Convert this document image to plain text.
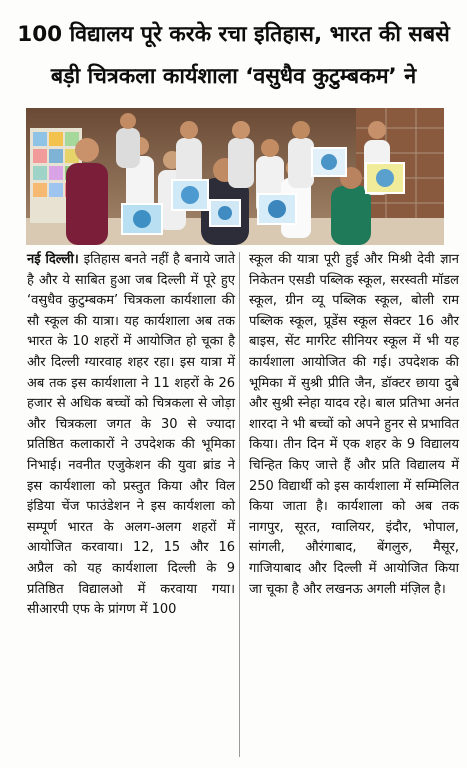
100 विद्यालय पूरे करके रचा इतिहास, भारत की सबसे बड़ी चित्रकला कार्यशाला ‘वसुधैव कुटुम्बकम’ ने
नई दिल्ली। इतिहास बनते नहीं है बनाये जाते है और ये साबित हुआ जब दिल्ली में पूरे हुए ‘वसुधैव कुटुम्बकम’ चित्रकला कार्यशाला की सौ स्कूल की यात्रा। यह कार्यशाला अब तक भारत के 10 शहरों में आयोजित हो चूका है और दिल्ली ग्यारवाह शहर रहा। इस यात्रा में अब तक इस कार्यशाला ने 11 शहरों के 26 हजार से अधिक बच्चों को चित्रकला से जोड़ा और चित्रकला जगत के 30 से ज्यादा प्रतिष्ठित कलाकारों ने उपदेशक की भूमिका निभाई। नवनीत एजुकेशन की युवा ब्रांड ने इस कार्यशाला को प्रस्तुत किया और विल इंडिया चेंज फाउंडेशन ने इस कार्यशला को सम्पूर्ण भारत के अलग-अलग शहरों में आयोजित करवाया। 12, 15 और 16 अप्रैल को यह कार्यशाला दिल्ली के 9 प्रतिष्ठित विद्यालओ में करवाया गया। सीआरपी एफ के प्रांगण में 100
स्कूल की यात्रा पूरी हुई और मिश्री देवी ज्ञान निकेतन एसडी पब्लिक स्कूल, सरस्वती मॉडल स्कूल, ग्रीन व्यू पब्लिक स्कूल, बोली राम पब्लिक स्कूल, प्रूडेंस स्कूल सेक्टर 16 और बाइस, सेंट मार्गरेट सीनियर स्कूल में भी यह कार्यशाला आयोजित की गई। उपदेशक की भूमिका में सुश्री प्रीति जैन, डॉक्टर छाया दुबे और सुश्री स्नेहा यादव रहे। बाल प्रतिभा अनंत शारदा ने भी बच्चों को अपने हुनर से प्रभावित किया। तीन दिन में एक शहर के 9 विद्यालय चिन्हित किए जात्ते हैं और प्रति विद्यालय में 250 विद्यार्थी को इस कार्यशाला में सम्मिलित किया जाता है। कार्यशाला को अब तक नागपुर, सूरत, ग्वालियर, इंदौर, भोपाल, सांगली, औरंगाबाद, बेंगलुरु, मैसूर, गाजियाबाद और दिल्ली में आयोजित किया जा चूका है और लखनऊ अगली मंज़िल है।
